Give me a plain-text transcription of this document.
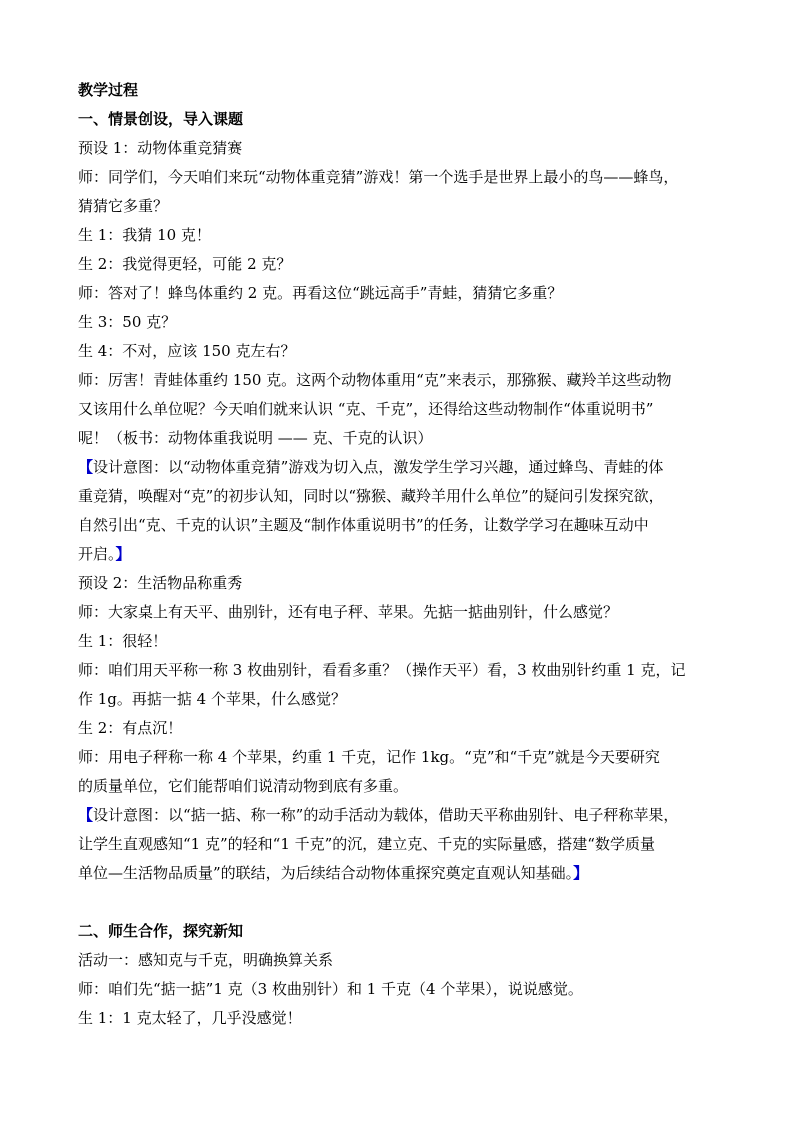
教学过程

一、情景创设，导入课题

预设 1：动物体重竞猜赛

师：同学们，今天咱们来玩“动物体重竞猜”游戏！第一个选手是世界上最小的鸟——蜂鸟，

猜猜它多重？

生 1：我猜 10 克！

生 2：我觉得更轻，可能 2 克？

师：答对了！蜂鸟体重约 2 克。再看这位“跳远高手”青蛙，猜猜它多重？

生 3：50 克？

生 4：不对，应该 150 克左右？

师：厉害！青蛙体重约 150 克。这两个动物体重用“克”来表示，那猕猴、藏羚羊这些动物

又该用什么单位呢？今天咱们就来认识 “克、千克”，还得给这些动物制作“体重说明书”

呢！（板书：动物体重我说明 —— 克、千克的认识）

【设计意图：以“动物体重竞猜”游戏为切入点，激发学生学习兴趣，通过蜂鸟、青蛙的体

重竞猜，唤醒对“克”的初步认知，同时以“猕猴、藏羚羊用什么单位”的疑问引发探究欲，

自然引出“克、千克的认识”主题及“制作体重说明书”的任务，让数学学习在趣味互动中

开启。】

预设 2：生活物品称重秀

师：大家桌上有天平、曲别针，还有电子秤、苹果。先掂一掂曲别针，什么感觉？

生 1：很轻！

师：咱们用天平称一称 3 枚曲别针，看看多重？（操作天平）看，3 枚曲别针约重 1 克，记

作 1g。再掂一掂 4 个苹果，什么感觉？

生 2：有点沉！

师：用电子秤称一称 4 个苹果，约重 1 千克，记作 1kg。“克”和“千克”就是今天要研究

的质量单位，它们能帮咱们说清动物到底有多重。

【设计意图：以“掂一掂、称一称”的动手活动为载体，借助天平称曲别针、电子秤称苹果，

让学生直观感知“1 克”的轻和“1 千克”的沉，建立克、千克的实际量感，搭建“数学质量

单位—生活物品质量”的联结，为后续结合动物体重探究奠定直观认知基础。】

二、师生合作，探究新知

活动一：感知克与千克，明确换算关系

师：咱们先“掂一掂”1 克（3 枚曲别针）和 1 千克（4 个苹果），说说感觉。

生 1：1 克太轻了，几乎没感觉！
